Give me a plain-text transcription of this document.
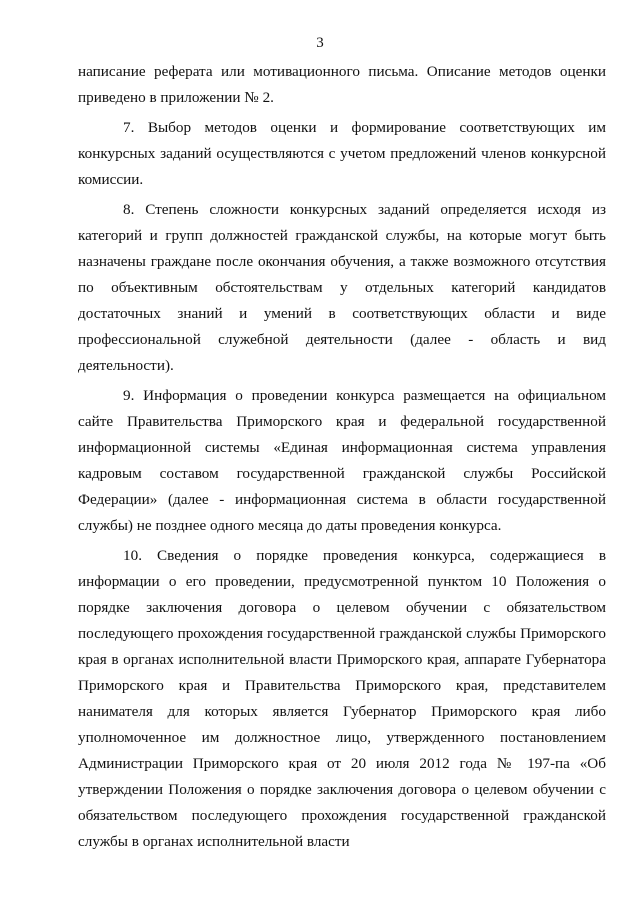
3

написание реферата или мотивационного письма. Описание методов оценки приведено в приложении № 2.

7. Выбор методов оценки и формирование соответствующих им конкурсных заданий осуществляются с учетом предложений членов конкурсной комиссии.

8. Степень сложности конкурсных заданий определяется исходя из категорий и групп должностей гражданской службы, на которые могут быть назначены граждане после окончания обучения, а также возможного отсутствия по объективным обстоятельствам у отдельных категорий кандидатов достаточных знаний и умений в соответствующих области и виде профессиональной служебной деятельности (далее - область и вид деятельности).

9. Информация о проведении конкурса размещается на официальном сайте Правительства Приморского края и федеральной государственной информационной системы «Единая информационная система управления кадровым составом государственной гражданской службы Российской Федерации» (далее - информационная система в области государственной службы) не позднее одного месяца до даты проведения конкурса.

10. Сведения о порядке проведения конкурса, содержащиеся в информации о его проведении, предусмотренной пунктом 10 Положения о порядке заключения договора о целевом обучении с обязательством последующего прохождения государственной гражданской службы Приморского края в органах исполнительной власти Приморского края, аппарате Губернатора Приморского края и Правительства Приморского края, представителем нанимателя для которых является Губернатор Приморского края либо уполномоченное им должностное лицо, утвержденного постановлением Администрации Приморского края от 20 июля 2012 года № 197-па «Об утверждении Положения о порядке заключения договора о целевом обучении с обязательством последующего прохождения государственной гражданской службы в органах исполнительной власти
